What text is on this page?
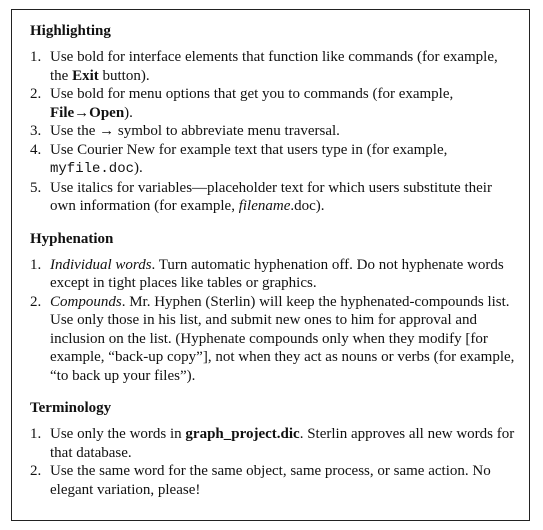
Highlighting
1. Use bold for interface elements that function like commands (for example, the Exit button).
2. Use bold for menu options that get you to commands (for example, File→Open).
3. Use the → symbol to abbreviate menu traversal.
4. Use Courier New for example text that users type in (for example, myfile.doc).
5. Use italics for variables—placeholder text for which users substitute their own information (for example, filename.doc).
Hyphenation
1. Individual words. Turn automatic hyphenation off. Do not hyphenate words except in tight places like tables or graphics.
2. Compounds. Mr. Hyphen (Sterlin) will keep the hyphenated-compounds list. Use only those in his list, and submit new ones to him for approval and inclusion on the list. (Hyphenate compounds only when they modify [for example, “back-up copy”], not when they act as nouns or verbs (for example, “to back up your files”).
Terminology
1. Use only the words in graph_project.dic. Sterlin approves all new words for that database.
2. Use the same word for the same object, same process, or same action. No elegant variation, please!
